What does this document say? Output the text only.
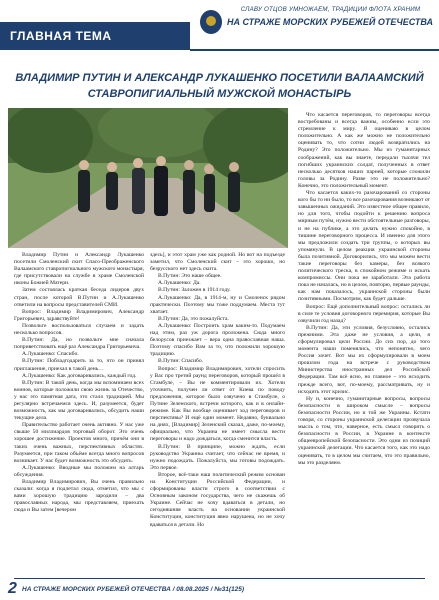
ГЛАВНАЯ ТЕМА
СЛАВУ ОТЦОВ УМНОЖАЕМ, ТРАДИЦИИ ФЛОТА ХРАНИМ
НА СТРАЖЕ МОРСКИХ РУБЕЖЕЙ ОТЕЧЕСТВА
ВЛАДИМИР ПУТИН И АЛЕКСАНДР ЛУКАШЕНКО ПОСЕТИЛИ ВАЛААМСКИЙ СТАВРОПИГИАЛЬНЫЙ МУЖСКОЙ МОНАСТЫРЬ

Владимир Путин и Александр Лукашенко посетили Смоленский скит Спасо-Преображенского Валаамского ставропигиального мужского монастыря, где присутствовали на службе в храме Смоленской иконы Божией Матери.

Затем состоялась краткая беседа лидеров двух стран, после которой В.Путин и А.Лукашенко ответили на вопросы представителей СМИ.

Вопрос: Владимир Владимирович, Александр Григорьевич, здравствуйте!

Позвольте воспользоваться случаем и задать несколько вопросов.

В.Путин: Да, но позвольте мне сначала поприветствовать ещё раз Александра Григорьевича.

А.Лукашенко: Спасибо.

В.Путин: Побладгодарить за то, что он принял приглашение, приехал в такой день…

А.Лукашенко: Как договаривались, каждый год.

В.Путин: В такой день, когда мы вспоминаем всех воинов, которые положили свою жизнь за Отечество, у нас это памятная дата, это стало традицией. Мы регулярно встречаемся здесь. И, разумеется, будет возможность, как мы договаривались, обсудить наши текущие дела.

Правительство работает очень активно. У нас уже свыше 50 миллиардов торговый оборот. Это очень хорошее достижение. Проектов много, причём они в таких очень важных, перспективных областях. Разумеется, при таком объёме всегда много вопросов возникает. У нас будет возможность это обсудить.

А.Лукашенко: Вводные мы положим на алтарь обсуждения.

Владимир Владимирович, Вы очень правильно сказали: когда я подлетал сюда, отметил, что мы с вами хорошую традицию зародили – два православных народа, мы представляем, приехать сюда и Вы затем [вечером

здесь], и этот храм уже как родной. Но вот на подъезде заметил, что Смоленский скит – это хорошо, но безрусского нет здесь скита.

В.Путин: Это наше общее.

А.Лукашенко: Да.

В.Путин: Заложен в 1914 году.

А.Лукашенко: Да, в 1914-м, ну и Смоленск рядом практически. Поэтому мы тоже поддумаем. Места тут хватает.

В.Путин: Да, это пожалуйста.

А.Лукашенко: Построить храм каким-то. Подумаем над этим, раз уж дорога проложена. Сюда много белорусов приезжает – вера одна православная наша. Поэтому спасибо Вам за то, что положили хорошую традицию.

В.Путин: Спасибо.

Вопрос: Владимир Владимирович, хотели спросить у Вас про третий раунд переговоров, который прошёл в Стамбуле, – Вы не комментировали их. Хотели уточнить, получен ли ответ от Киева по поводу предложения, которое было озвучено в Стамбуле, о Путине Зеленского, встречи которого, как и в онлайн-режиме. Как Вы вообще оценивает ход переговоров и перспективы? И ещё один момент. Недавно, буквально на днях, [Владимир] Зеленский сказал, даже, по-моему, официально, что Украина не имеет смысла вести переговоры и надо дождаться, когда сменится власть.

В.Путин: В принципе, можно ждать, если руководство Украины считает, что сейчас не время, и нужно подождать. Пожалуйста, мы готовы подождать. Это первое.

Второе, всё-таки наш политический режим основан на Конституции Российской Федерации, и сформированы власти строго в соответствии с Основным законом государства, чего не скажешь об Украине. Сейчас не хочу вдаваться в детали, но сегодняшняя власть на основании украинской Конституции, конституция явно нарушена, но не хочу вдаваться в детали. Но

Что касается переговоров, то переговоры всегда востребованы и всегда важны, особенно если это стремление к миру. Я оцениваю в целом положительно. А как же можно не положительно оценивать то, что сотни людей возвратились на Родину? Это положительно. Мы из гуманитарных соображений, как вы знаете, передали тысячи тел погибших украинских солдат, полученных в ответ несколько десятков наших парней, которые сложили головы за Родину. Разве это не положительно? Конечно, это положительный момент.

Что касается каких-то разочарований со стороны кого бы то ни было, то все разочарования возникают от завышенных ожиданий. Это известное общее правило, но для того, чтобы подойти к решению вопроса мирным путём, нужно вести обстоятельные разговоры, и не на публике, а это делать нужно спокойно, в тишине переговорного процесса. И именно для этого мы предложили создать три группы, о которых вы упомянули. В целом реакция украинской стороны была позитивной. Договорились, что мы можем вести такие переговоры без камеры, без всякого политического треска, в спокойном режиме и искать компромиссы. Они пока не заработали. Эта работа пока не началась, но в целом, повторю, первые раунды, как нам показалось, украинской стороны были позитивными. Посмотрим, как будет дальше.

Вопрос: Ещё дополнительный вопрос: остались ли в силе те условия договорного перемирия, которые Вы озвучили год назад?

В.Путин: Да, эти условия, безусловно, остались прежними. Эта даже не условия, а цели, я сформулировал цели России. До сих пор, до того момента наши поменялись, что непонятно, чего Россия хочет. Вот мы их сформулировали в моем прошлом года на встрече с руководством Министерства иностранных дел Российской Федерации. Там всё ясно, но главное – это исходить прежде всего, вот, по-моему, рассматривать, ну и исходить этот кризис.

Ну и, конечно, гуманитарные вопросы, вопросы безопасности в широком смысле – вопросы безопасности России, но и той же Украины. Кстати говоря, со стороны украинской делегации прозвучала мысль о том, что, наверное, есть смысл говорить о безопасности в России, в Украине в контексте общеевропейской безопасности. Это одни из позиций украинской делегации. Что касается того, как это надо оценивать, то в целом мы считаем, что это правильно, мы это разделяем.

2 НА СТРАЖЕ МОРСКИХ РУБЕЖЕЙ ОТЕЧЕСТВА / 08.08.2025 / №31(125)
